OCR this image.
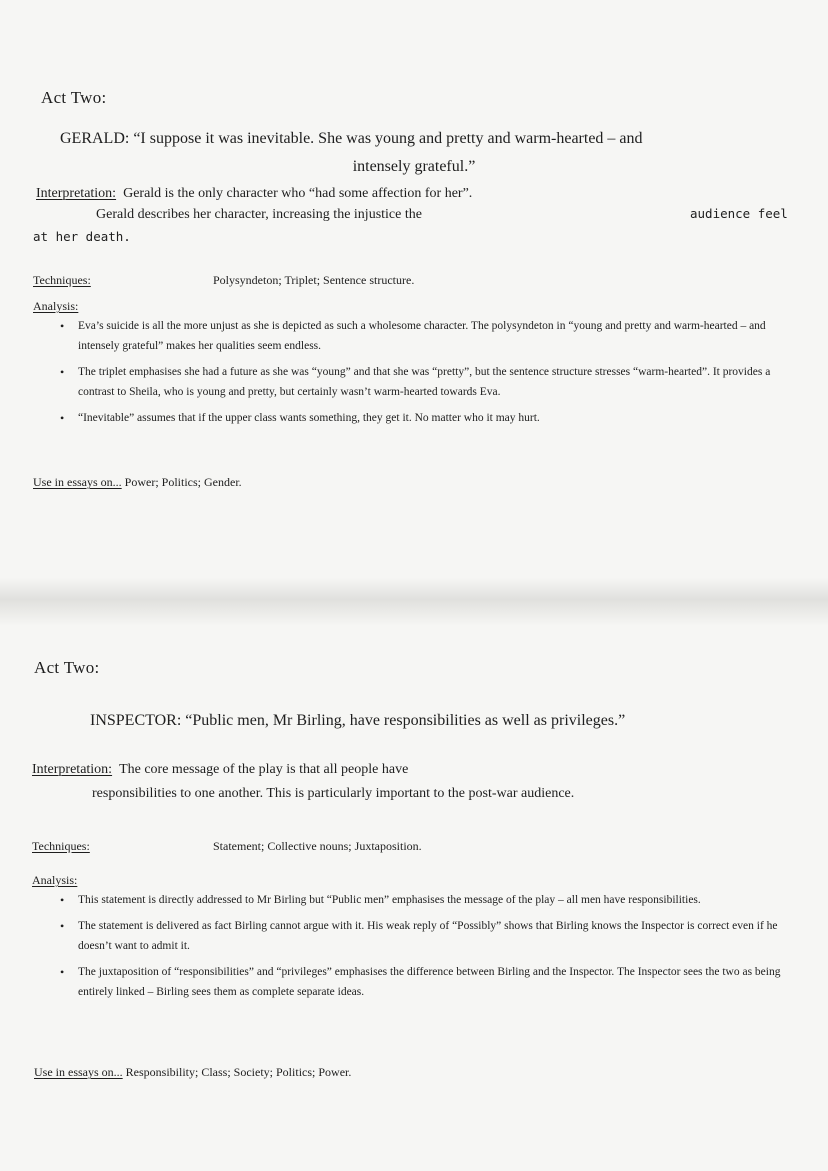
Act Two:
GERALD: “I suppose it was inevitable. She was young and pretty and warm-hearted – and
intensely grateful.”
Interpretation: Gerald is the only character who “had some affection for her”.
Gerald describes her character, increasing the injustice the	audience feel
at her death.
Techniques:	Polysyndeton; Triplet; Sentence structure.
Analysis:
• Eva’s suicide is all the more unjust as she is depicted as such a wholesome character. The polysyndeton in “young and pretty and warm-hearted – and intensely grateful” makes her qualities seem endless.
• The triplet emphasises she had a future as she was “young” and that she was “pretty”, but the sentence structure stresses “warm-hearted”. It provides a contrast to Sheila, who is young and pretty, but certainly wasn’t warm-hearted towards Eva.
• “Inevitable” assumes that if the upper class wants something, they get it. No matter who it may hurt.
Use in essays on... Power; Politics; Gender.
Act Two:
INSPECTOR: “Public men, Mr Birling, have responsibilities as well as privileges.”
Interpretation: The core message of the play is that all people have
responsibilities to one another. This is particularly important to the post-war audience.
Techniques:	Statement; Collective nouns; Juxtaposition.
Analysis:
• This statement is directly addressed to Mr Birling but “Public men” emphasises the message of the play – all men have responsibilities.
• The statement is delivered as fact Birling cannot argue with it. His weak reply of “Possibly” shows that Birling knows the Inspector is correct even if he doesn’t want to admit it.
• The juxtaposition of “responsibilities” and “privileges” emphasises the difference between Birling and the Inspector. The Inspector sees the two as being entirely linked – Birling sees them as complete separate ideas.
Use in essays on... Responsibility; Class; Society; Politics; Power.
